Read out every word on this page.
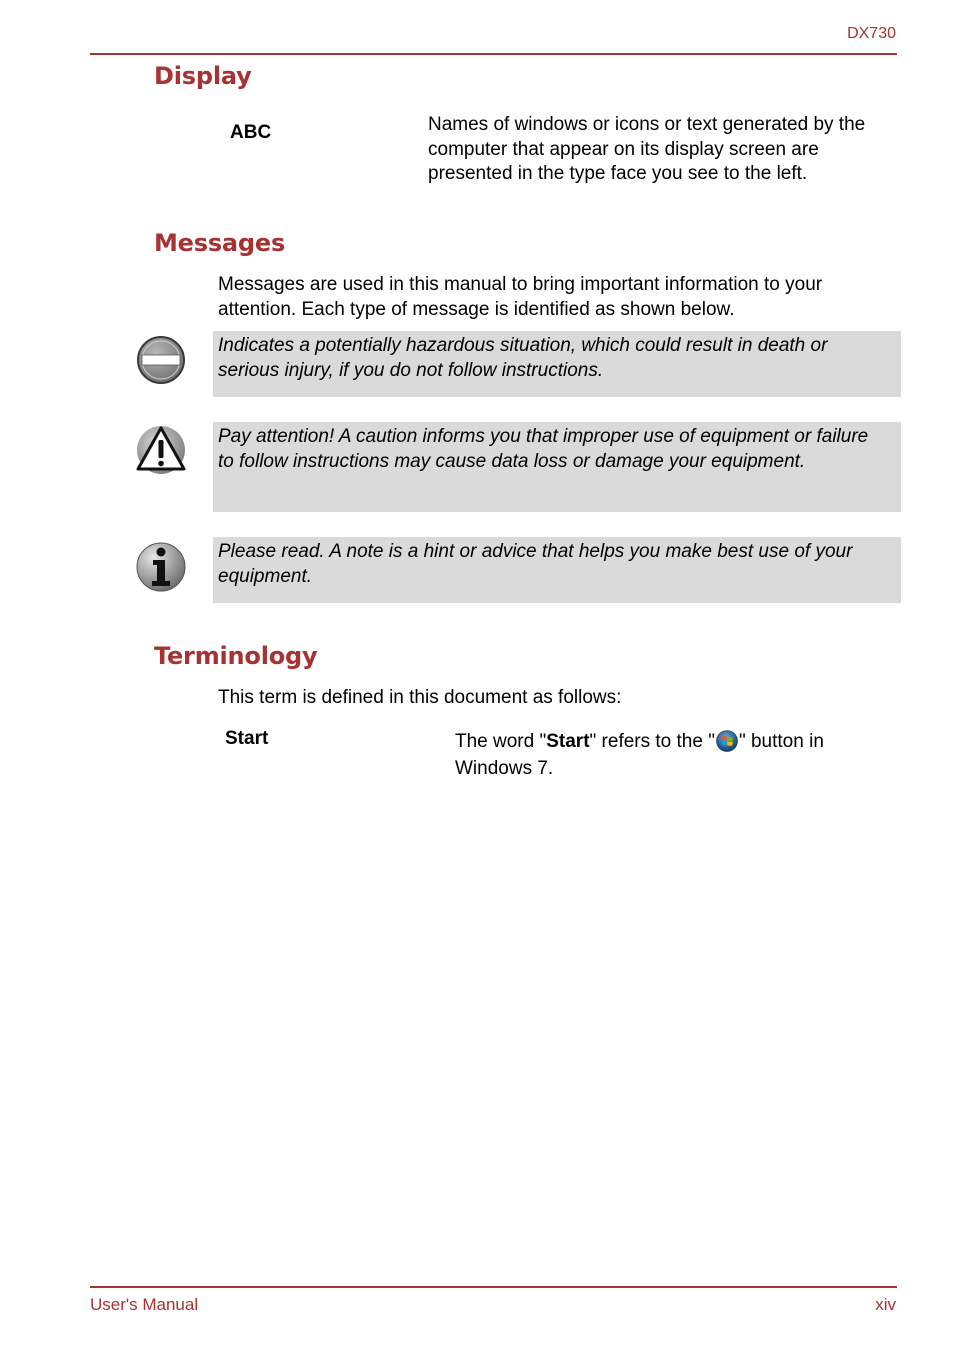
DX730
Display
ABC	Names of windows or icons or text generated by the computer that appear on its display screen are presented in the type face you see to the left.
Messages
Messages are used in this manual to bring important information to your attention. Each type of message is identified as shown below.
Indicates a potentially hazardous situation, which could result in death or serious injury, if you do not follow instructions.
Pay attention! A caution informs you that improper use of equipment or failure to follow instructions may cause data loss or damage your equipment.
Please read. A note is a hint or advice that helps you make best use of your equipment.
Terminology
This term is defined in this document as follows:
Start	The word "Start" refers to the " " button in Windows 7.
User's Manual	xiv
